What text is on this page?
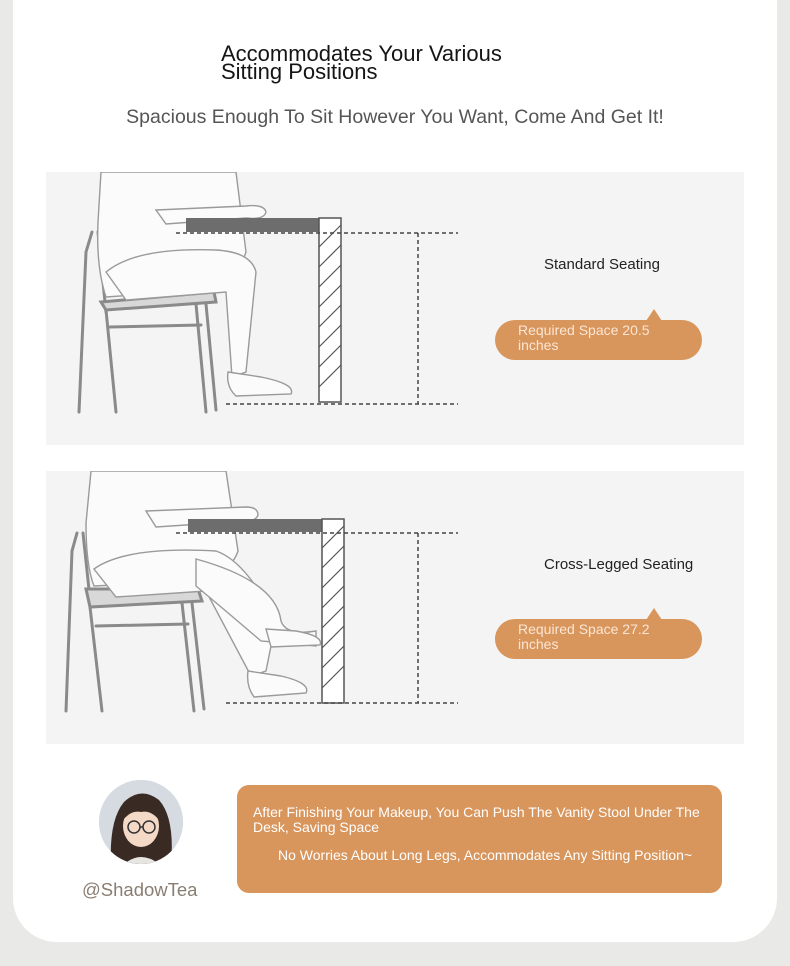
Accommodates Your Various Sitting Positions

Spacious Enough To Sit However You Want, Come And Get It!

Standard Seating
Required Space 20.5 inches
Cross-Legged Seating
Required Space 27.2 inches
@ShadowTea
After Finishing Your Makeup, You Can Push The Vanity Stool Under The Desk, Saving Space
No Worries About Long Legs, Accommodates Any Sitting Position~
